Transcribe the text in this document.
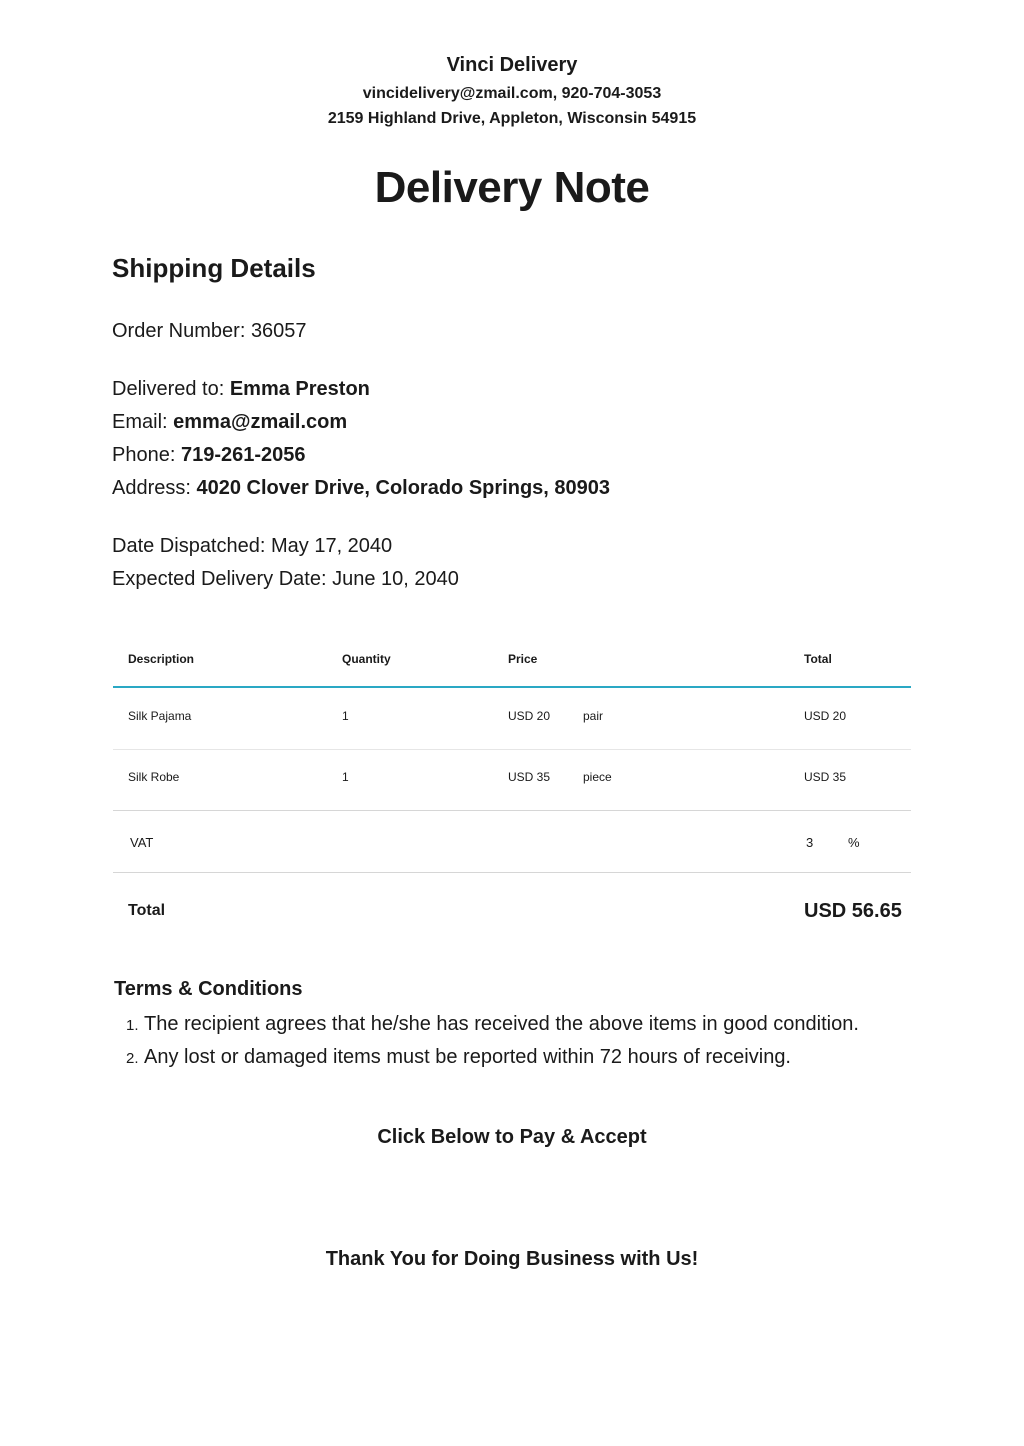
Vinci Delivery
vincidelivery@zmail.com, 920-704-3053
2159 Highland Drive, Appleton, Wisconsin 54915
Delivery Note
Shipping Details
Order Number: 36057
Delivered to: Emma Preston
Email: emma@zmail.com
Phone: 719-261-2056
Address: 4020 Clover Drive, Colorado Springs, 80903
Date Dispatched: May 17, 2040
Expected Delivery Date: June 10, 2040
Description	Quantity	Price	Total
Silk Pajama	1	USD 20	pair	USD 20
Silk Robe	1	USD 35	piece	USD 35
VAT	3	%
Total	USD 56.65
Terms & Conditions
1. The recipient agrees that he/she has received the above items in good condition.
2. Any lost or damaged items must be reported within 72 hours of receiving.
Click Below to Pay & Accept
Thank You for Doing Business with Us!
